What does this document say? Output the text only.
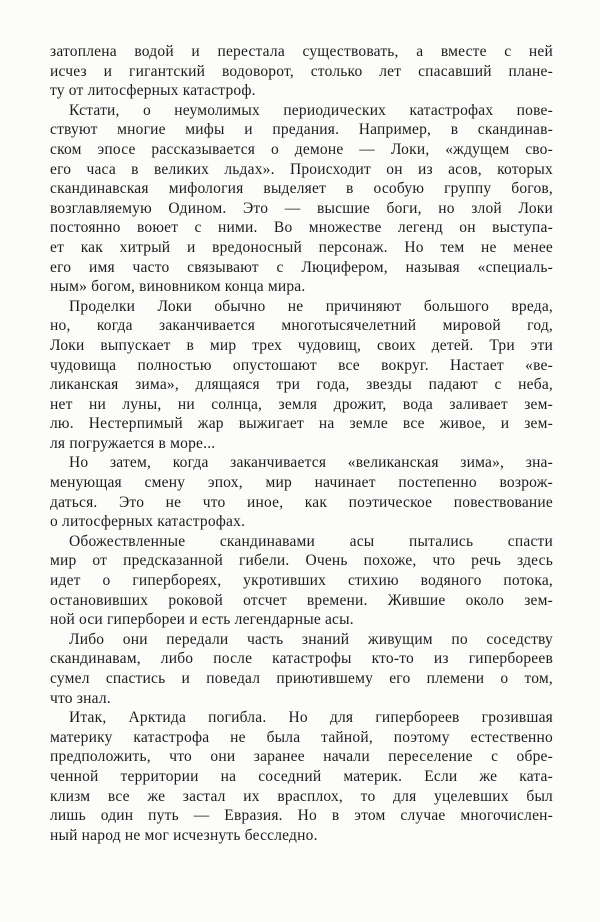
затоплена водой и перестала существовать, а вместе с ней
исчез и гигантский водоворот, столько лет спасавший плане-
ту от литосферных катастроф.

Кстати, о неумолимых периодических катастрофах пове-
ствуют многие мифы и предания. Например, в скандинав-
ском эпосе рассказывается о демоне — Локи, «ждущем сво-
его часа в великих льдах». Происходит он из асов, которых
скандинавская мифология выделяет в особую группу богов,
возглавляемую Одином. Это — высшие боги, но злой Локи
постоянно воюет с ними. Во множестве легенд он выступа-
ет как хитрый и вредоносный персонаж. Но тем не менее
его имя часто связывают с Люцифером, называя «специаль-
ным» богом, виновником конца мира.

Проделки Локи обычно не причиняют большого вреда,
но, когда заканчивается многотысячелетний мировой год,
Локи выпускает в мир трех чудовищ, своих детей. Три эти
чудовища полностью опустошают все вокруг. Настает «ве-
ликанская зима», длящаяся три года, звезды падают с неба,
нет ни луны, ни солнца, земля дрожит, вода заливает зем-
лю. Нестерпимый жар выжигает на земле все живое, и зем-
ля погружается в море...

Но затем, когда заканчивается «великанская зима», зна-
менующая смену эпох, мир начинает постепенно возрож-
даться. Это не что иное, как поэтическое повествование
о литосферных катастрофах.

Обожествленные скандинавами асы пытались спасти
мир от предсказанной гибели. Очень похоже, что речь здесь
идет о гипербореях, укротивших стихию водяного потока,
остановивших роковой отсчет времени. Жившие около зем-
ной оси гипербореи и есть легендарные асы.

Либо они передали часть знаний живущим по соседству
скандинавам, либо после катастрофы кто-то из гипербореев
сумел спастись и поведал приютившему его племени о том,
что знал.

Итак, Арктида погибла. Но для гипербореев грозившая
материку катастрофа не была тайной, поэтому естественно
предположить, что они заранее начали переселение с обре-
ченной территории на соседний материк. Если же ката-
клизм все же застал их врасплох, то для уцелевших был
лишь один путь — Евразия. Но в этом случае многочислен-
ный народ не мог исчезнуть бесследно.
